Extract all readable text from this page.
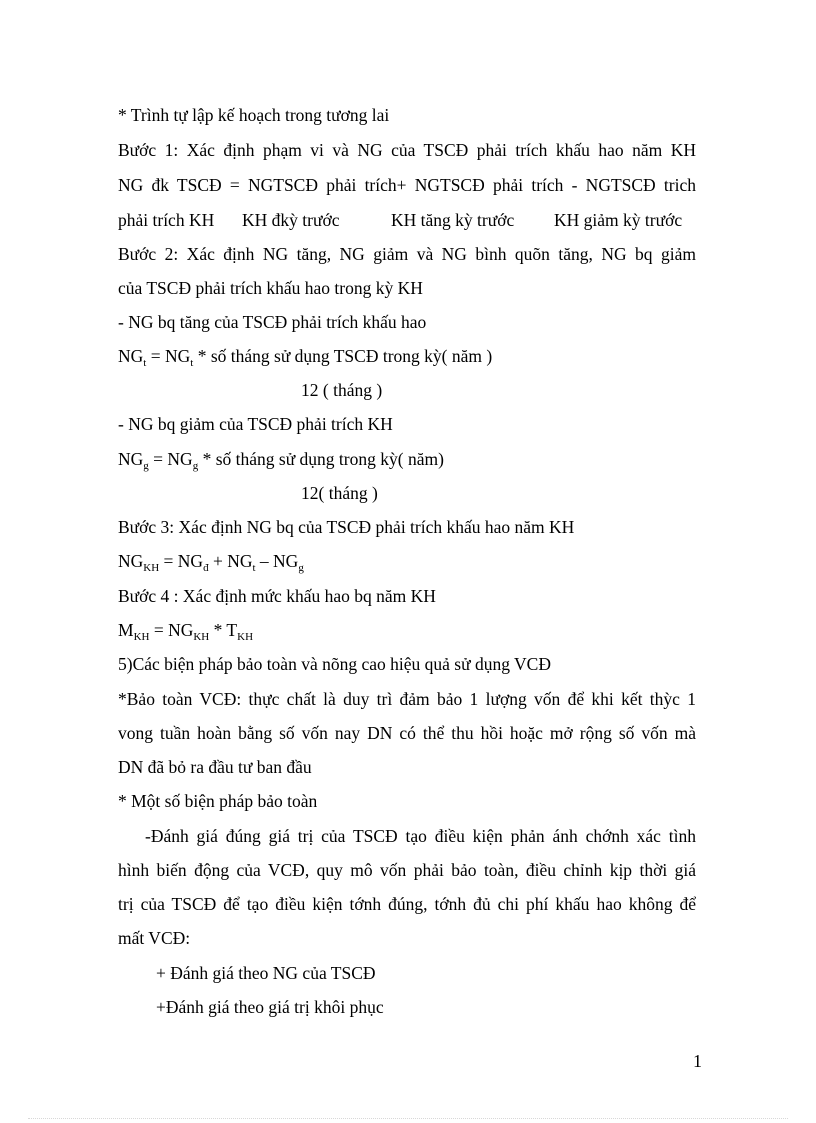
* Trình tự lập kế hoạch trong tương lai
Bước 1: Xác định phạm vi và NG của TSCĐ phải trích khấu hao năm KH
NG đk TSCĐ = NGTSCĐ phải trích+ NGTSCĐ phải trích - NGTSCĐ trich
phải trích KH KH đkỳ trước	KH tăng kỳ trước KH giảm kỳ trước
Bước 2: Xác định NG tăng, NG giảm và NG bình quõn tăng, NG bq giảm
của TSCĐ phải trích khấu hao trong kỳ KH
- NG bq tăng của TSCĐ phải trích khấu hao
$NG_t = NG_t$ * số tháng sử dụng TSCĐ trong kỳ( năm )
12 ( tháng )
- NG bq giảm của TSCĐ phải trích KH
$NG_g = NG_g$ * số tháng sử dụng trong kỳ( năm)
12( tháng )
Bước 3: Xác định NG bq của TSCĐ phải trích khấu hao năm KH
$NG_{KH} = NG_đ + NG_t - NG_g$
Bước 4 : Xác định mức khấu hao bq năm KH
$M_{KH} = NG_{KH} * T_{KH}$
5)Các biện pháp bảo toàn và nõng cao hiệu quả sử dụng VCĐ
*Bảo toàn VCĐ: thực chất là duy trì đảm bảo 1 lượng vốn để khi kết thỳc 1
vong tuần hoàn bằng số vốn nay DN có thể thu hồi hoặc mở rộng số vốn mà
DN đã bỏ ra đầu tư ban đầu
* Một số biện pháp bảo toàn
-Đánh giá đúng giá trị của TSCĐ tạo điều kiện phản ánh chớnh xác tình
hình biến động của VCĐ, quy mô vốn phải bảo toàn, điều chỉnh kịp thời giá
trị của TSCĐ để tạo điều kiện tớnh đúng, tớnh đủ chi phí khấu hao không để
mất VCĐ:
+ Đánh giá theo NG của TSCĐ
+Đánh giá theo giá trị khôi phục
1
